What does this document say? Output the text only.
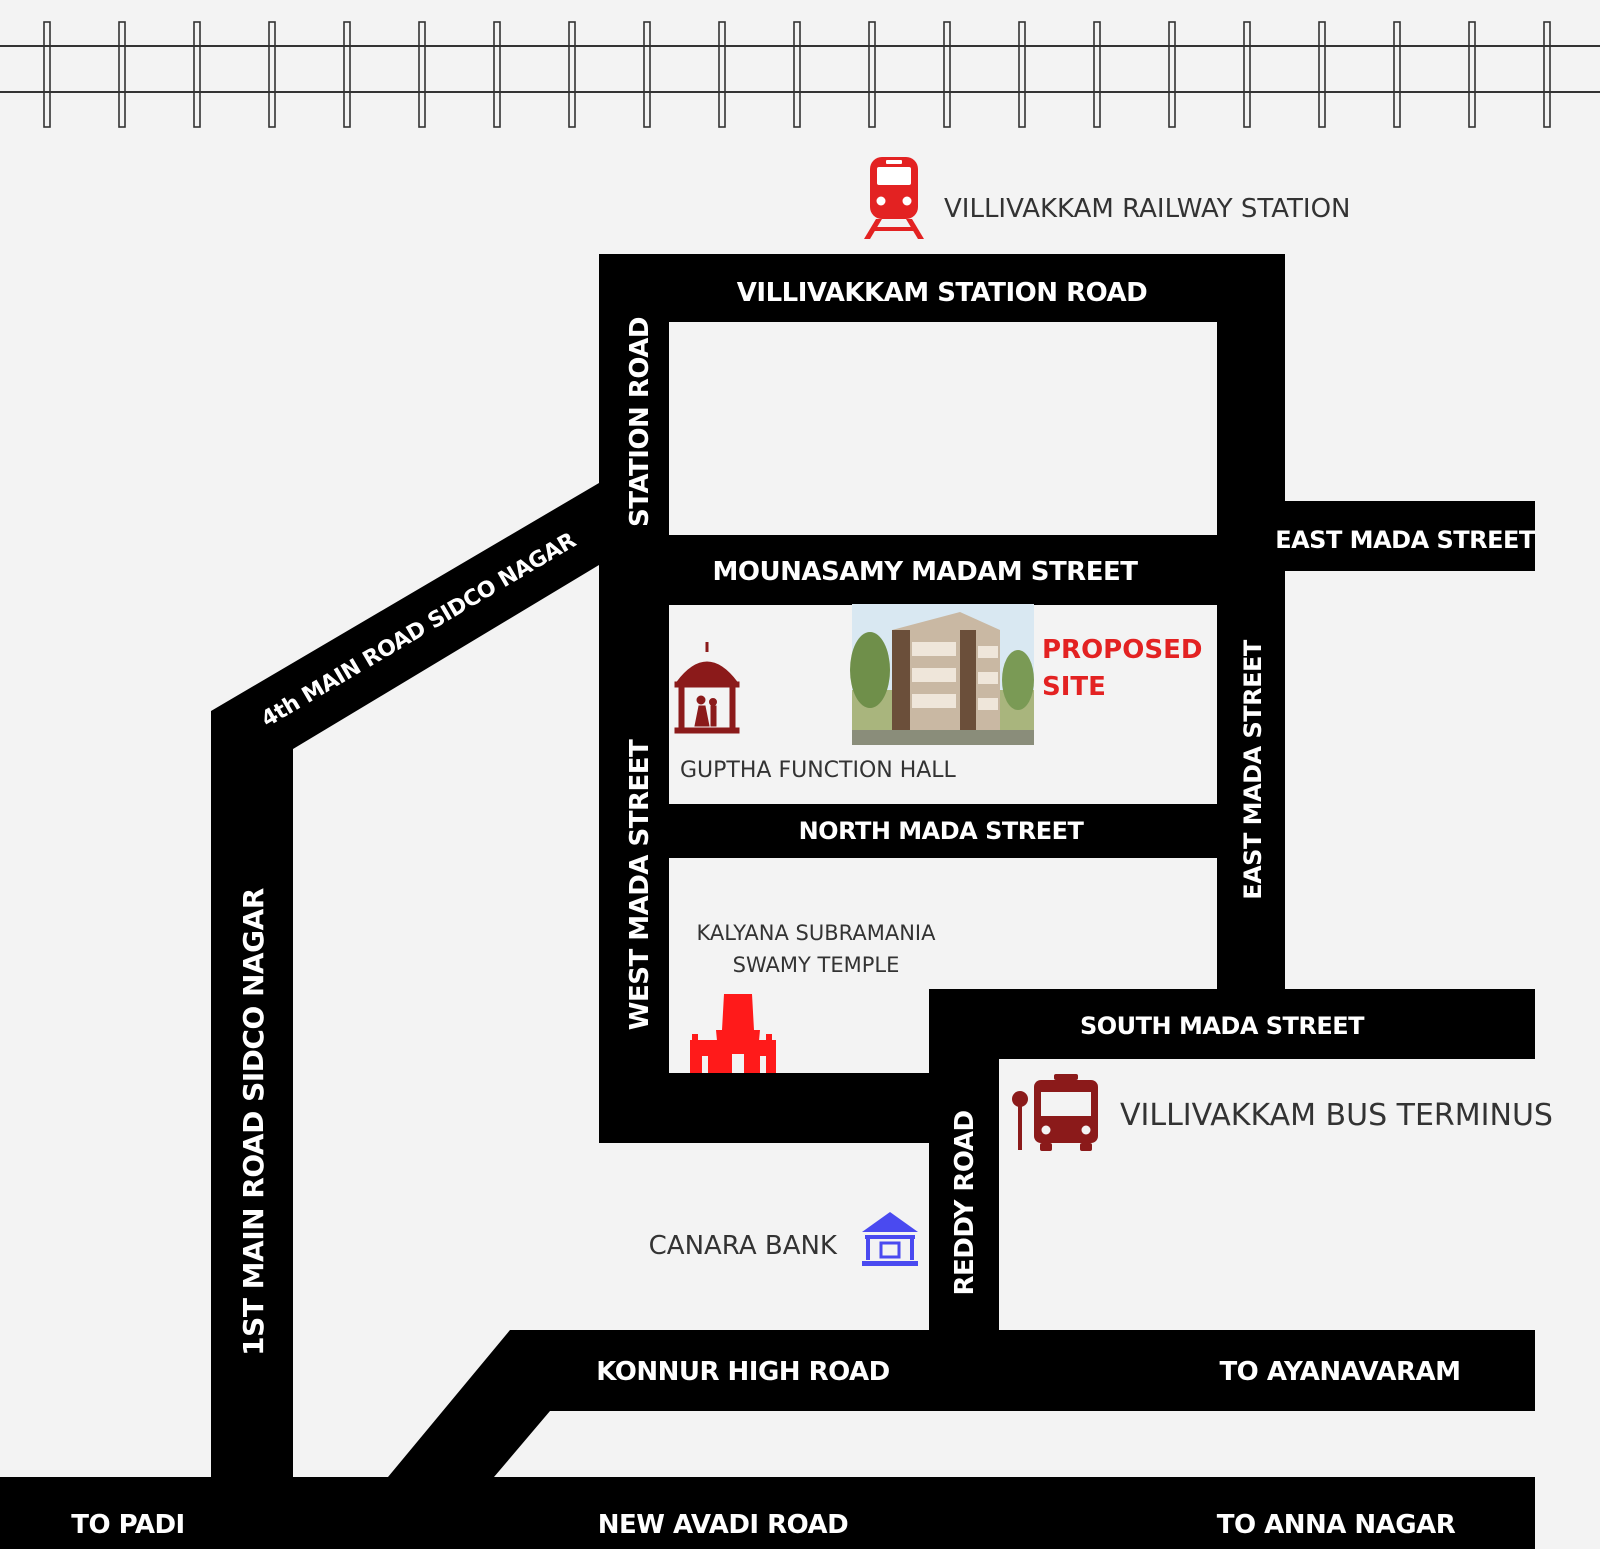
VILLIVAKKAM STATION ROAD
STATION ROAD
MOUNASAMY MADAM STREET
EAST MADA STREET
EAST MADA STREET
WEST MADA STREET	NORTH MADA STREET
SOUTH MADA STREET
REDDY ROAD
4th MAIN ROAD SIDCO NAGAR
1ST MAIN ROAD SIDCO NAGAR
KONNUR HIGH ROAD	TO AYANAVARAM
NEW AVADI ROAD
TO PADI	TO ANNA NAGAR
VILLIVAKKAM RAILWAY STATION
PROPOSED
SITE
GUPTHA FUNCTION HALL
KALYANA SUBRAMANIA
SWAMY TEMPLE
VILLIVAKKAM BUS TERMINUS
CANARA BANK
